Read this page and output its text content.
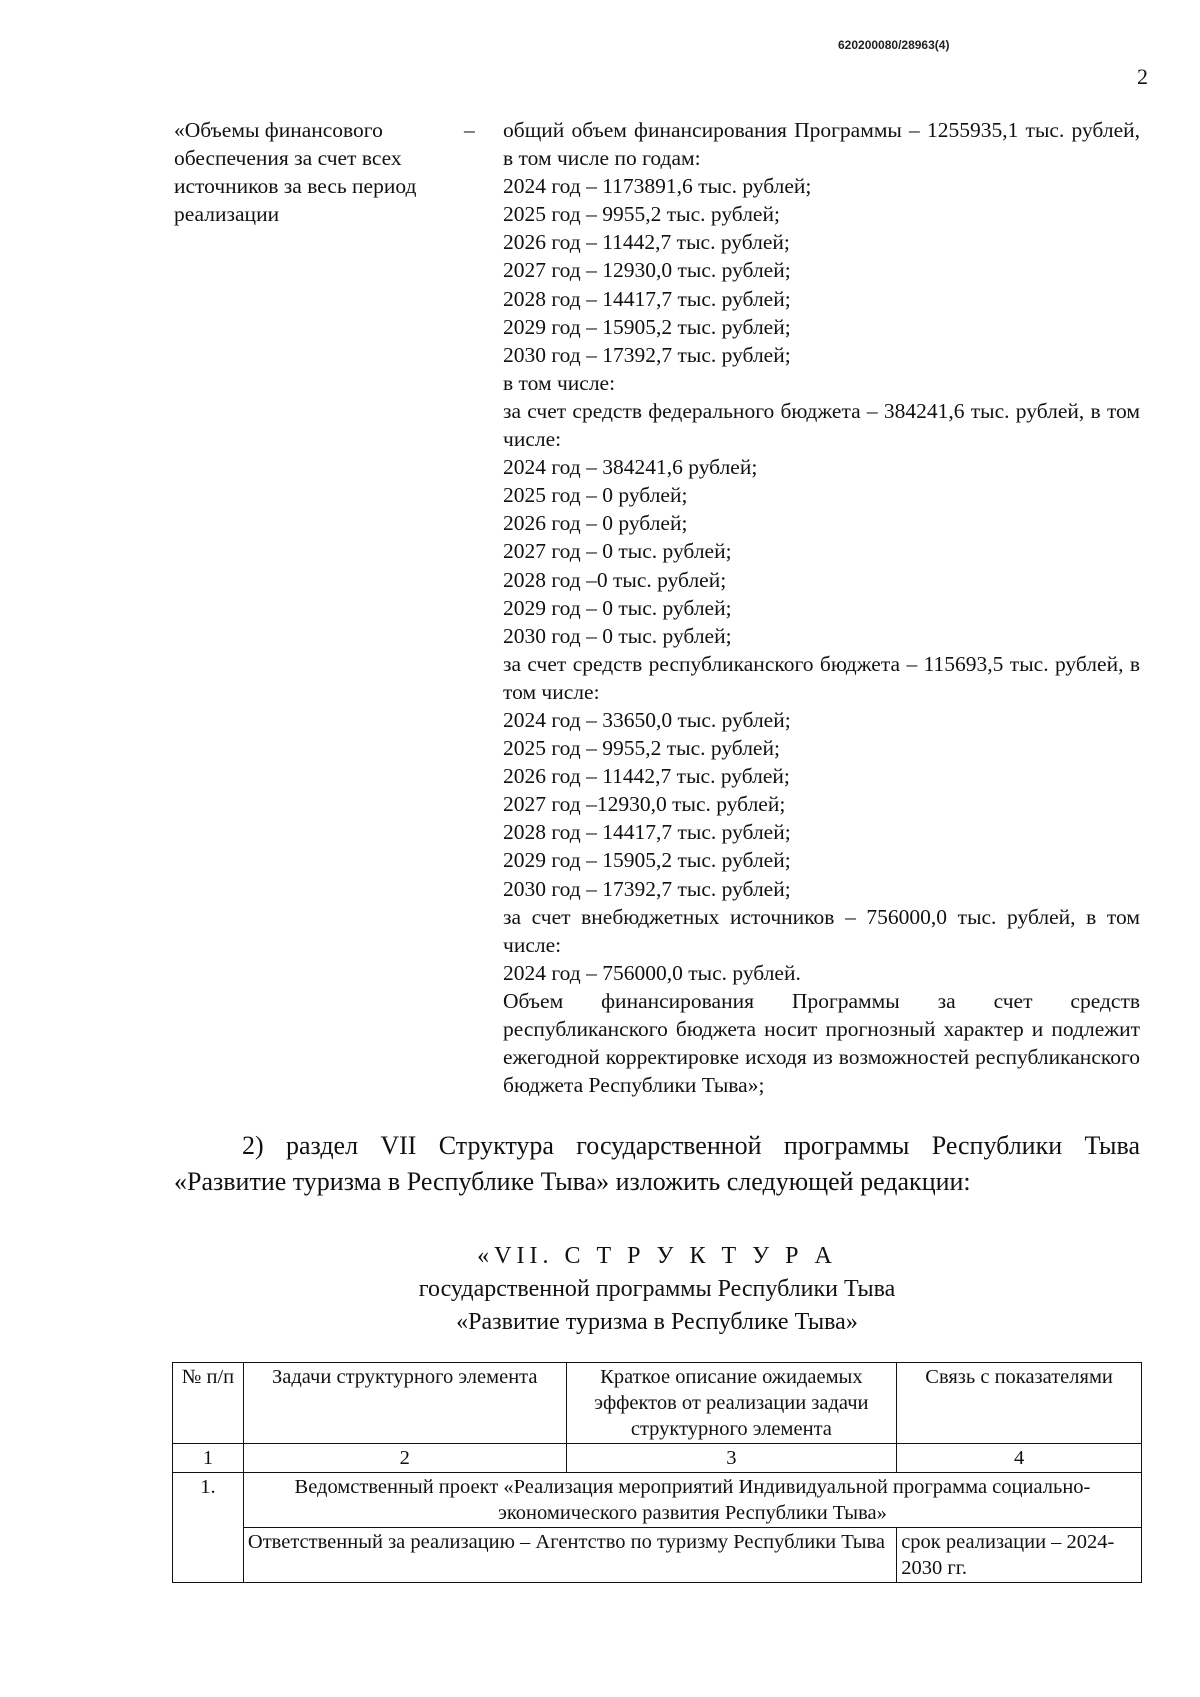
620200080/28963(4)
2
«Объемы финансового обеспечения за счет всех источников за весь период реализации
– общий объем финансирования Программы – 1255935,1 тыс. рублей, в том числе по годам:
2024 год – 1173891,6 тыс. рублей;
2025 год – 9955,2 тыс. рублей;
2026 год – 11442,7 тыс. рублей;
2027 год – 12930,0 тыс. рублей;
2028 год – 14417,7 тыс. рублей;
2029 год – 15905,2 тыс. рублей;
2030 год – 17392,7 тыс. рублей;
в том числе:
за счет средств федерального бюджета – 384241,6 тыс. рублей, в том числе:
2024 год – 384241,6 рублей;
2025 год – 0 рублей;
2026 год – 0 рублей;
2027 год – 0 тыс. рублей;
2028 год –0 тыс. рублей;
2029 год – 0 тыс. рублей;
2030 год – 0 тыс. рублей;
за счет средств республиканского бюджета – 115693,5 тыс. рублей, в том числе:
2024 год – 33650,0 тыс. рублей;
2025 год – 9955,2 тыс. рублей;
2026 год – 11442,7 тыс. рублей;
2027 год –12930,0 тыс. рублей;
2028 год – 14417,7 тыс. рублей;
2029 год – 15905,2 тыс. рублей;
2030 год – 17392,7 тыс. рублей;
за счет внебюджетных источников – 756000,0 тыс. рублей, в том числе:
2024 год – 756000,0 тыс. рублей.
Объем финансирования Программы за счет средств республиканского бюджета носит прогнозный характер и подлежит ежегодной корректировке исходя из возможностей республиканского бюджета Республики Тыва»;
2) раздел VII Структура государственной программы Республики Тыва «Развитие туризма в Республике Тыва» изложить следующей редакции:
«VII. С Т Р У К Т У Р А
государственной программы Республики Тыва
«Развитие туризма в Республике Тыва»
№ п/п	Задачи структурного элемента	Краткое описание ожидаемых эффектов от реализации задачи структурного элемента	Связь с показателями
1	2	3	4
1.	Ведомственный проект «Реализация мероприятий Индивидуальной программа социально-экономического развития Республики Тыва»		
	Ответственный за реализацию – Агентство по туризму Республики Тыва		срок реализации – 2024-2030 гг.
